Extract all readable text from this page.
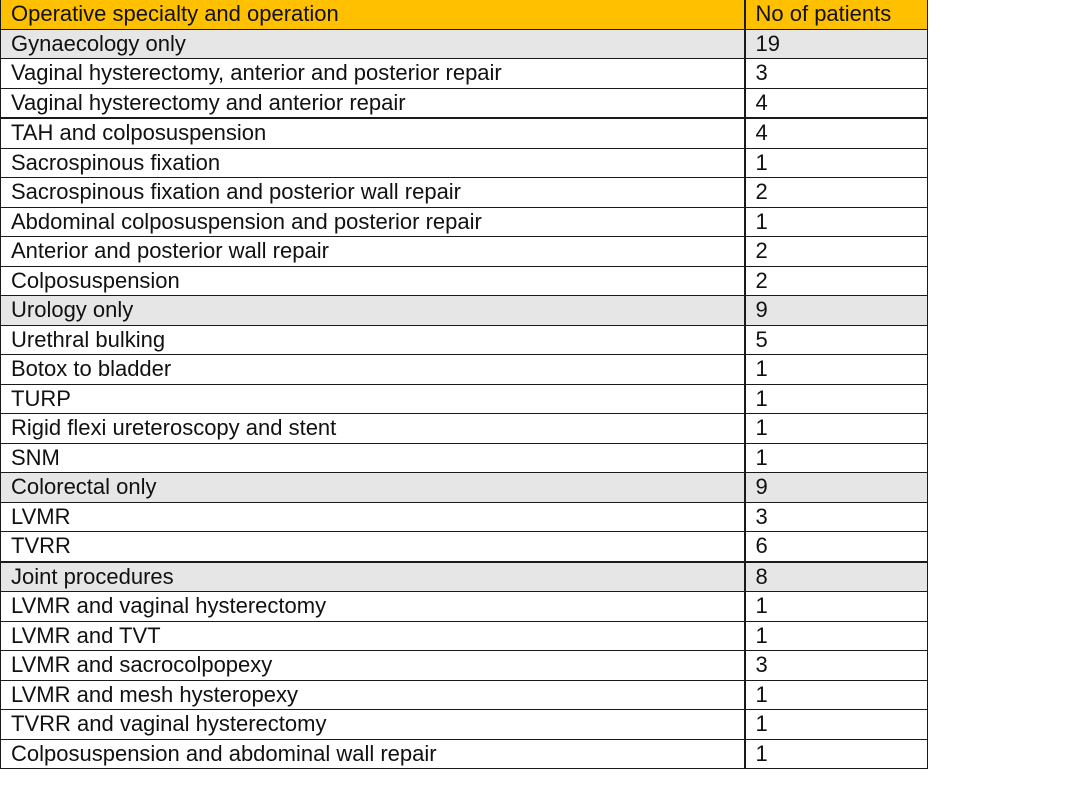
Operative specialty and operation	No of patients
Gynaecology only	19
Vaginal hysterectomy, anterior and posterior repair	3
Vaginal hysterectomy and anterior repair	4
TAH and colposuspension	4
Sacrospinous fixation	1
Sacrospinous fixation and posterior wall repair	2
Abdominal colposuspension and posterior repair	1
Anterior and posterior wall repair	2
Colposuspension	2
Urology only	9
Urethral bulking	5
Botox to bladder	1
TURP	1
Rigid flexi ureteroscopy and stent	1
SNM	1
Colorectal only	9
LVMR	3
TVRR	6
Joint procedures	8
LVMR and vaginal hysterectomy	1
LVMR and TVT	1
LVMR and sacrocolpopexy	3
LVMR and mesh hysteropexy	1
TVRR and vaginal hysterectomy	1
Colposuspension and abdominal wall repair	1
